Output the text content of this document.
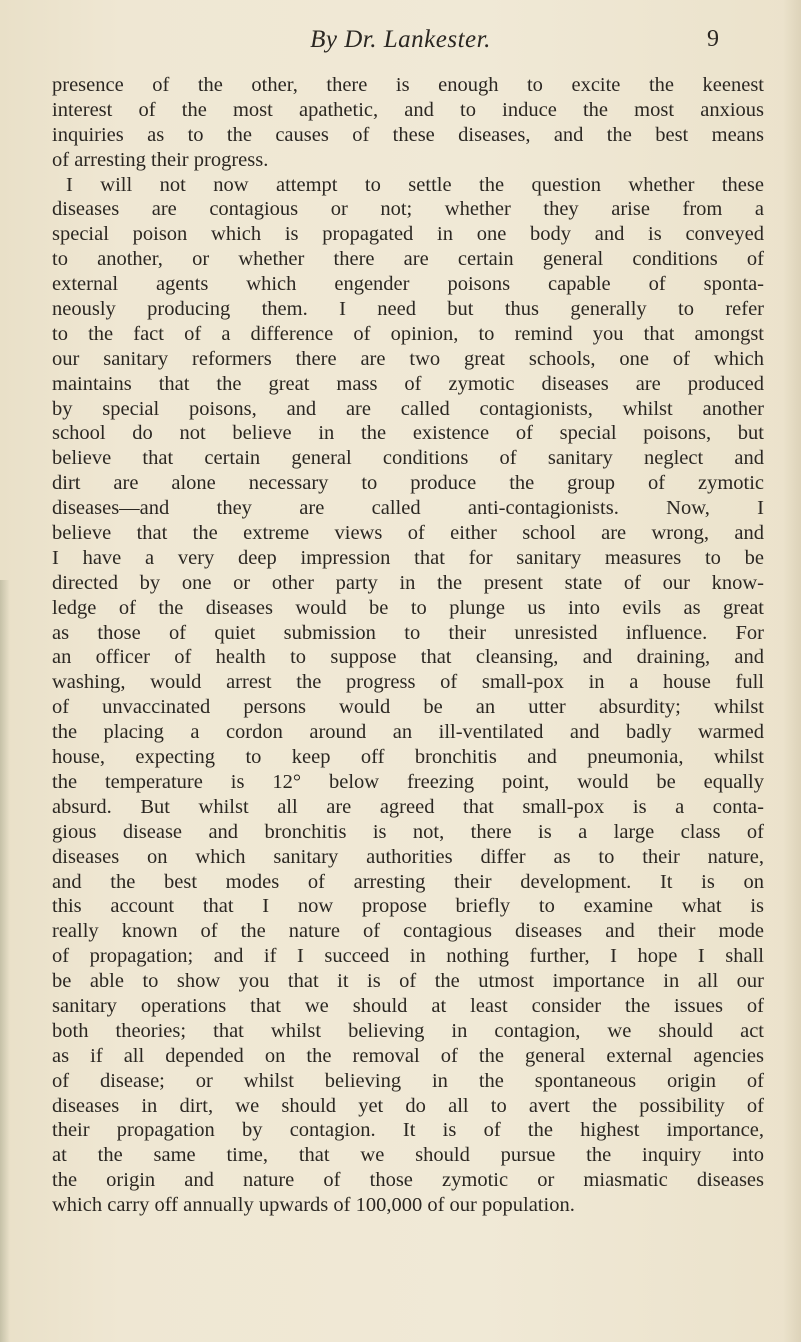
By Dr. Lankester.	9
presence of the other, there is enough to excite the keenest
interest of the most apathetic, and to induce the most anxious
inquiries as to the causes of these diseases, and the best means
of arresting their progress.
I will not now attempt to settle the question whether these
diseases are contagious or not; whether they arise from a
special poison which is propagated in one body and is conveyed
to another, or whether there are certain general conditions of
external agents which engender poisons capable of sponta-
neously producing them. I need but thus generally to refer
to the fact of a difference of opinion, to remind you that amongst
our sanitary reformers there are two great schools, one of which
maintains that the great mass of zymotic diseases are produced
by special poisons, and are called contagionists, whilst another
school do not believe in the existence of special poisons, but
believe that certain general conditions of sanitary neglect and
dirt are alone necessary to produce the group of zymotic
diseases—and they are called anti-contagionists. Now, I
believe that the extreme views of either school are wrong, and
I have a very deep impression that for sanitary measures to be
directed by one or other party in the present state of our know-
ledge of the diseases would be to plunge us into evils as great
as those of quiet submission to their unresisted influence. For
an officer of health to suppose that cleansing, and draining, and
washing, would arrest the progress of small-pox in a house full
of unvaccinated persons would be an utter absurdity; whilst
the placing a cordon around an ill-ventilated and badly warmed
house, expecting to keep off bronchitis and pneumonia, whilst
the temperature is 12° below freezing point, would be equally
absurd. But whilst all are agreed that small-pox is a conta-
gious disease and bronchitis is not, there is a large class of
diseases on which sanitary authorities differ as to their nature,
and the best modes of arresting their development. It is on
this account that I now propose briefly to examine what is
really known of the nature of contagious diseases and their mode
of propagation; and if I succeed in nothing further, I hope I shall
be able to show you that it is of the utmost importance in all our
sanitary operations that we should at least consider the issues of
both theories; that whilst believing in contagion, we should act
as if all depended on the removal of the general external agencies
of disease; or whilst believing in the spontaneous origin of
diseases in dirt, we should yet do all to avert the possibility of
their propagation by contagion. It is of the highest importance,
at the same time, that we should pursue the inquiry into
the origin and nature of those zymotic or miasmatic diseases
which carry off annually upwards of 100,000 of our population.
